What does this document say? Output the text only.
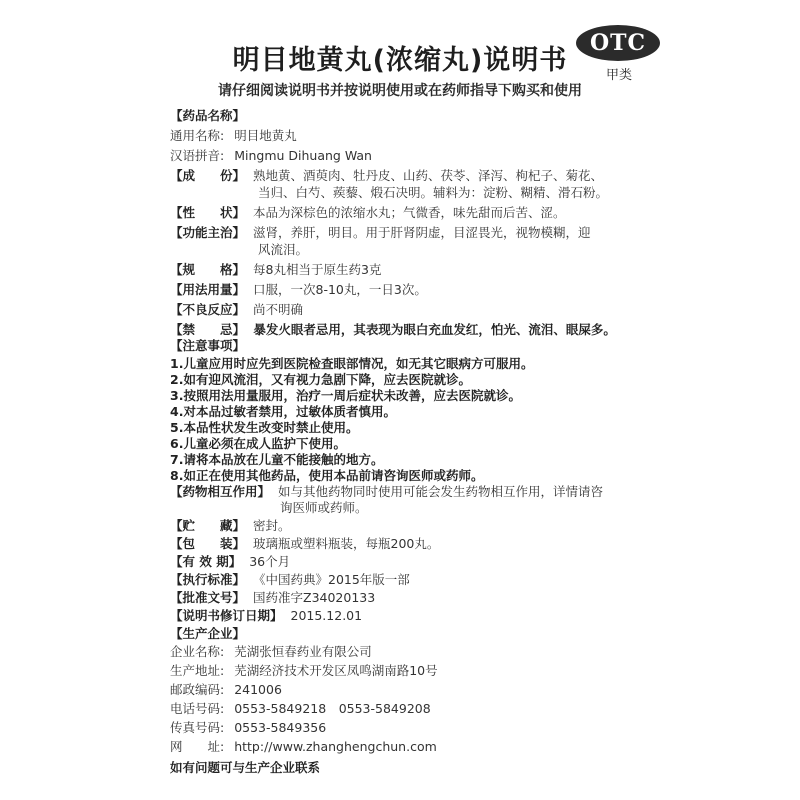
明目地黄丸(浓缩丸)说明书
请仔细阅读说明书并按说明使用或在药师指导下购买和使用
OTC
甲类
【药品名称】
通用名称: 明目地黄丸
汉语拼音: Mingmu Dihuang Wan
【成　　份】 熟地黄、酒萸肉、牡丹皮、山药、茯苓、泽泻、枸杞子、菊花、
当归、白芍、蒺藜、煅石决明。辅料为：淀粉、糊精、滑石粉。
【性　　状】 本品为深棕色的浓缩水丸；气微香，味先甜而后苦、涩。
【功能主治】 滋肾，养肝，明目。用于肝肾阴虚，目涩畏光，视物模糊，迎
风流泪。
【规　　格】 每8丸相当于原生药3克
【用法用量】 口服，一次8-10丸，一日3次。
【不良反应】 尚不明确
【禁　　忌】 暴发火眼者忌用，其表现为眼白充血发红，怕光、流泪、眼屎多。
【注意事项】
1.儿童应用时应先到医院检查眼部情况，如无其它眼病方可服用。
2.如有迎风流泪，又有视力急剧下降，应去医院就诊。
3.按照用法用量服用，治疗一周后症状未改善，应去医院就诊。
4.对本品过敏者禁用，过敏体质者慎用。
5.本品性状发生改变时禁止使用。
6.儿童必须在成人监护下使用。
7.请将本品放在儿童不能接触的地方。
8.如正在使用其他药品，使用本品前请咨询医师或药师。
【药物相互作用】 如与其他药物同时使用可能会发生药物相互作用，详情请咨
询医师或药师。
【贮　　藏】 密封。
【包　　装】 玻璃瓶或塑料瓶装，每瓶200丸。
【有 效 期】 36个月
【执行标准】 《中国药典》2015年版一部
【批准文号】 国药准字Z34020133
【说明书修订日期】 2015.12.01
【生产企业】
企业名称: 芜湖张恒春药业有限公司
生产地址: 芜湖经济技术开发区凤鸣湖南路10号
邮政编码: 241006
电话号码: 0553-5849218　0553-5849208
传真号码: 0553-5849356
网　　址: http://www.zhanghengchun.com
如有问题可与生产企业联系
